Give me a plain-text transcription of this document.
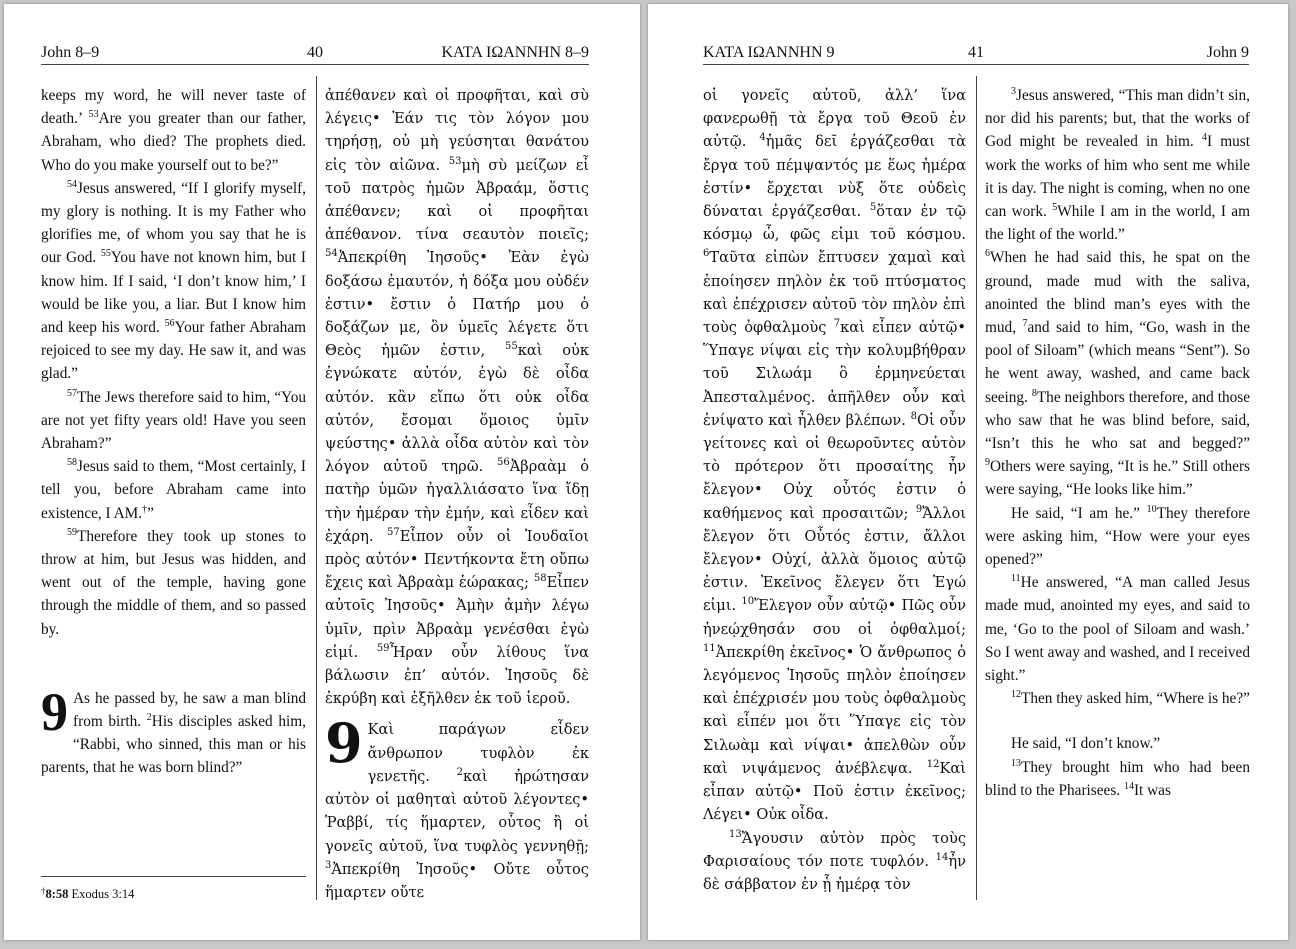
John 8–9	40	ΚΑΤΑ ΙΩΑΝΝΗΝ 8–9

keeps my word, he will never taste of death.’ $^{53}$Are you greater than our father, Abraham, who died? The prophets died. Who do you make yourself out to be?”

$^{54}$Jesus answered, “If I glorify myself, my glory is nothing. It is my Father who glorifies me, of whom you say that he is our God. $^{55}$You have not known him, but I know him. If I said, ‘I don’t know him,’ I would be like you, a liar. But I know him and keep his word. $^{56}$Your father Abraham rejoiced to see my day. He saw it, and was glad.”

$^{57}$The Jews therefore said to him, “You are not yet fifty years old! Have you seen Abraham?”

$^{58}$Jesus said to them, “Most certainly, I tell you, before Abraham came into existence, I AM.†”

$^{59}$Therefore they took up stones to throw at him, but Jesus was hidden, and went out of the temple, having gone through the middle of them, and so passed by.

9 As he passed by, he saw a man blind from birth. $^2$His disciples asked him, “Rabbi, who sinned, this man or his parents, that he was born blind?”

ἀπέθανεν καὶ οἱ προφῆται, καὶ σὺ λέγεις• Ἐάν τις τὸν λόγον μου τηρήσῃ, οὐ μὴ γεύσηται θανάτου εἰς τὸν αἰῶνα. $^{53}$μὴ σὺ μείζων εἶ τοῦ πατρὸς ἡμῶν Ἀβραάμ, ὅστις ἀπέθανεν; καὶ οἱ προφῆται ἀπέθανον. τίνα σεαυτὸν ποιεῖς; $^{54}$Ἀπεκρίθη Ἰησοῦς• Ἐὰν ἐγὼ δοξάσω ἐμαυτόν, ἡ δόξα μου οὐδέν ἐστιν• ἔστιν ὁ Πατήρ μου ὁ δοξάζων με, ὃν ὑμεῖς λέγετε ὅτι Θεὸς ἡμῶν ἐστιν, $^{55}$καὶ οὐκ ἐγνώκατε αὐτόν, ἐγὼ δὲ οἶδα αὐτόν. κἂν εἴπω ὅτι οὐκ οἶδα αὐτόν, ἔσομαι ὅμοιος ὑμῖν ψεύστης• ἀλλὰ οἶδα αὐτὸν καὶ τὸν λόγον αὐτοῦ τηρῶ. $^{56}$Ἀβραὰμ ὁ πατὴρ ὑμῶν ἠγαλλιάσατο ἵνα ἴδῃ τὴν ἡμέραν τὴν ἐμήν, καὶ εἶδεν καὶ ἐχάρη. $^{57}$Εἶπον οὖν οἱ Ἰουδαῖοι πρὸς αὐτόν• Πεντήκοντα ἔτη οὔπω ἔχεις καὶ Ἀβραὰμ ἑώρακας; $^{58}$Εἶπεν αὐτοῖς Ἰησοῦς• Ἀμὴν ἀμὴν λέγω ὑμῖν, πρὶν Ἀβραὰμ γενέσθαι ἐγὼ εἰμί. $^{59}$Ἦραν οὖν λίθους ἵνα βάλωσιν ἐπ’ αὐτόν. Ἰησοῦς δὲ ἐκρύβη καὶ ἐξῆλθεν ἐκ τοῦ ἱεροῦ.

9 Καὶ παράγων εἶδεν ἄνθρωπον τυφλὸν ἐκ γενετῆς.	$^2$καὶ ἠρώτησαν αὐτὸν οἱ μαθηταὶ αὐτοῦ λέγοντες• Ῥαββί, τίς ἥμαρτεν, οὗτος ἢ οἱ γονεῖς αὐτοῦ, ἵνα τυφλὸς γεννηθῇ; $^3$Ἀπεκρίθη Ἰησοῦς• Οὔτε οὗτος ἥμαρτεν οὔτε

†8:58 Exodus 3:14
ΚΑΤΑ ΙΩΑΝΝΗΝ 9	41	John 9

οἱ γονεῖς αὐτοῦ, ἀλλ’ ἵνα φανερωθῇ τὰ ἔργα τοῦ Θεοῦ ἐν αὐτῷ. $^4$ἡμᾶς δεῖ ἐργάζεσθαι τὰ ἔργα τοῦ πέμψαντός με ἕως ἡμέρα ἐστίν• ἔρχεται νὺξ ὅτε οὐδεὶς δύναται ἐργάζεσθαι. $^5$ὅταν ἐν τῷ κόσμῳ ὦ, φῶς εἰμι τοῦ κόσμου. $^6$Ταῦτα εἰπὼν ἔπτυσεν χαμαὶ καὶ ἐποίησεν πηλὸν ἐκ τοῦ πτύσματος καὶ ἐπέχρισεν αὐτοῦ τὸν πηλὸν ἐπὶ τοὺς ὀφθαλμοὺς $^7$καὶ εἶπεν αὐτῷ• Ὕπαγε νίψαι εἰς τὴν κολυμβήθραν τοῦ Σιλωάμ ὃ ἑρμηνεύεται Ἀπεσταλμένος. ἀπῆλθεν οὖν καὶ ἐνίψατο καὶ ἦλθεν βλέπων. $^8$Οἱ οὖν γείτονες καὶ οἱ θεωροῦντες αὐτὸν τὸ πρότερον ὅτι προσαίτης ἦν ἔλεγον• Οὐχ οὗτός ἐστιν ὁ καθήμενος καὶ προσαιτῶν; $^9$Ἄλλοι ἔλεγον ὅτι Οὗτός ἐστιν, ἄλλοι ἔλεγον• Οὐχί, ἀλλὰ ὅμοιος αὐτῷ ἐστιν. Ἐκεῖνος ἔλεγεν ὅτι Ἐγώ εἰμι. $^{10}$Ἔλεγον οὖν αὐτῷ• Πῶς οὖν ἠνεῴχθησάν σου οἱ ὀφθαλμοί; $^{11}$Ἀπεκρίθη ἐκεῖνος• Ὁ ἄνθρωπος ὁ λεγόμενος Ἰησοῦς πηλὸν ἐποίησεν καὶ ἐπέχρισέν μου τοὺς ὀφθαλμοὺς καὶ εἶπέν μοι ὅτι Ὕπαγε εἰς τὸν Σιλωὰμ καὶ νίψαι• ἀπελθὼν οὖν καὶ νιψάμενος ἀνέβλεψα. $^{12}$Καὶ εἶπαν αὐτῷ• Ποῦ ἐστιν ἐκεῖνος; Λέγει• Οὐκ οἶδα.

$^{13}$Ἄγουσιν αὐτὸν πρὸς τοὺς Φαρισαίους τόν ποτε τυφλόν. $^{14}$ἦν δὲ σάββατον ἐν ᾗ ἡμέρᾳ τὸν

$^3$Jesus answered, “This man didn’t sin, nor did his parents; but, that the works of God might be revealed in him. $^4$I must work the works of him who sent me while it is day. The night is coming, when no one can work. $^5$While I am in the world, I am the light of the world.”

$^6$When he had said this, he spat on the ground, made mud with the saliva, anointed the blind man’s eyes with the mud, $^7$and said to him, “Go, wash in the pool of Siloam” (which means “Sent”). So he went away, washed, and came back seeing. $^8$The neighbors therefore, and those who saw that he was blind before, said, “Isn’t this he who sat and begged?” $^9$Others were saying, “It is he.” Still others were saying, “He looks like him.”

He said, “I am he.” $^{10}$They therefore were asking him, “How were your eyes opened?”

$^{11}$He answered, “A man called Jesus made mud, anointed my eyes, and said to me, ‘Go to the pool of Siloam and wash.’ So I went away and washed, and I received sight.”

$^{12}$Then they asked him, “Where is he?”

He said, “I don’t know.”

$^{13}$They brought him who had been blind to the Pharisees. $^{14}$It was
